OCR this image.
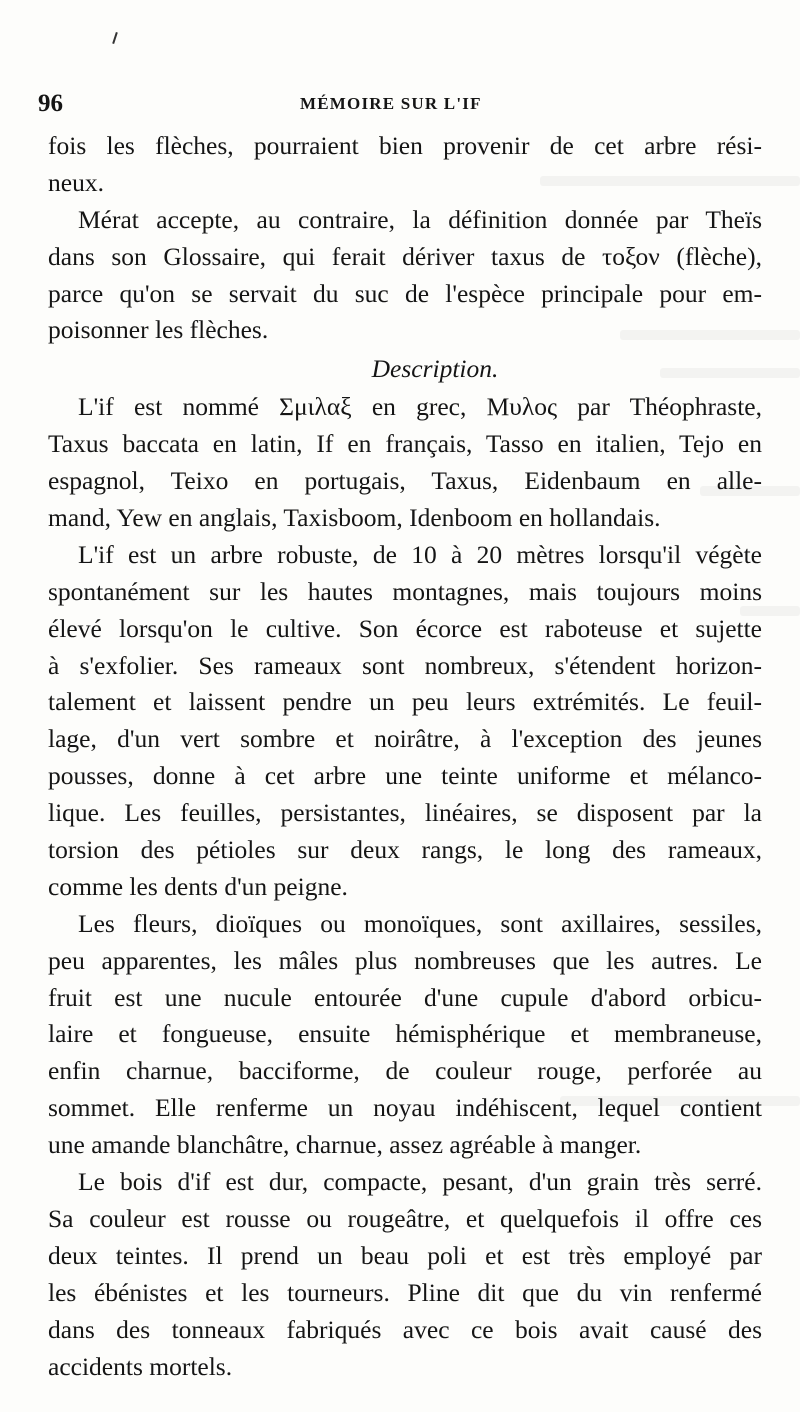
96	MÉMOIRE SUR L'IF
fois les flèches, pourraient bien provenir de cet arbre rési-
neux.
Mérat accepte, au contraire, la définition donnée par Theïs
dans son Glossaire, qui ferait dériver taxus de τοξον (flèche),
parce qu'on se servait du suc de l'espèce principale pour em-
poisonner les flèches.
Description.
L'if est nommé Σμιλαξ en grec, Μυλος par Théophraste,
Taxus baccata en latin, If en français, Tasso en italien, Tejo en
espagnol, Teixo en portugais, Taxus, Eidenbaum en alle-
mand, Yew en anglais, Taxisboom, Idenboom en hollandais.
L'if est un arbre robuste, de 10 à 20 mètres lorsqu'il végète
spontanément sur les hautes montagnes, mais toujours moins
élevé lorsqu'on le cultive. Son écorce est raboteuse et sujette
à s'exfolier. Ses rameaux sont nombreux, s'étendent horizon-
talement et laissent pendre un peu leurs extrémités. Le feuil-
lage, d'un vert sombre et noirâtre, à l'exception des jeunes
pousses, donne à cet arbre une teinte uniforme et mélanco-
lique. Les feuilles, persistantes, linéaires, se disposent par la
torsion des pétioles sur deux rangs, le long des rameaux,
comme les dents d'un peigne.
Les fleurs, dioïques ou monoïques, sont axillaires, sessiles,
peu apparentes, les mâles plus nombreuses que les autres. Le
fruit est une nucule entourée d'une cupule d'abord orbicu-
laire et fongueuse, ensuite hémisphérique et membraneuse,
enfin charnue, bacciforme, de couleur rouge, perforée au
sommet. Elle renferme un noyau indéhiscent, lequel contient
une amande blanchâtre, charnue, assez agréable à manger.
Le bois d'if est dur, compacte, pesant, d'un grain très serré.
Sa couleur est rousse ou rougeâtre, et quelquefois il offre ces
deux teintes. Il prend un beau poli et est très employé par
les ébénistes et les tourneurs. Pline dit que du vin renfermé
dans des tonneaux fabriqués avec ce bois avait causé des
accidents mortels.
